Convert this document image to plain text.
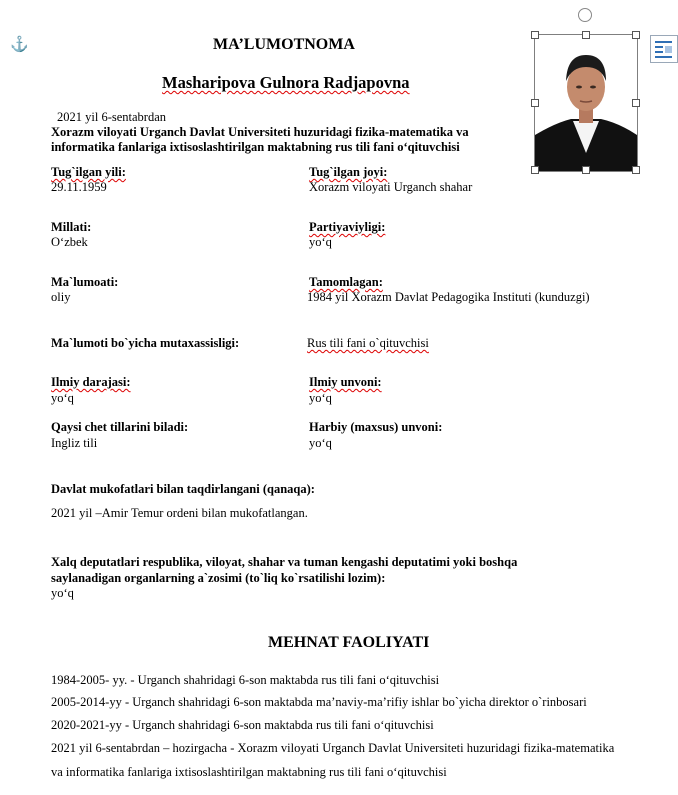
⚓	MA’LUMOTNOMA
Masharipova Gulnora Radjapovna
2021 yil 6-sentabrdan
Xorazm viloyati Urganch Davlat Universiteti huzuridagi fizika-matematika va
informatika fanlariga ixtisoslashtirilgan maktabning rus tili fani o‘qituvchisi
Tug`ilgan yili:
29.11.1959
Tug`ilgan joyi:
Xorazm viloyati Urganch shahar
Millati:
O‘zbek
Partiyaviyligi:
yo‘q
Ma`lumoati:
oliy
Tamomlagan:
1984 yil Xorazm Davlat Pedagogika Instituti (kunduzgi)
Ma`lumoti bo`yicha mutaxassisligi:	Rus tili fani o`qituvchisi
Ilmiy darajasi:
yo‘q
Ilmiy unvoni:
yo‘q
Qaysi chet tillarini biladi:
Ingliz tili
Harbiy (maxsus) unvoni:
yo‘q
Davlat mukofatlari bilan taqdirlangani (qanaqa):
2021 yil –Amir Temur ordeni bilan mukofatlangan.
Xalq deputatlari respublika, viloyat, shahar va tuman kengashi deputatimi yoki boshqa
saylanadigan organlarning a`zosimi (to`liq ko`rsatilishi lozim):
yo‘q
MEHNAT FAOLIYATI
1984-2005- yy. - Urganch shahridagi 6-son maktabda rus tili fani o‘qituvchisi
2005-2014-yy - Urganch shahridagi 6-son maktabda ma’naviy-ma’rifiy ishlar bo`yicha direktor o`rinbosari
2020-2021-yy - Urganch shahridagi 6-son maktabda rus tili fani o‘qituvchisi
2021 yil 6-sentabrdan – hozirgacha - Xorazm viloyati Urganch Davlat Universiteti huzuridagi fizika-matematika
va informatika fanlariga ixtisoslashtirilgan maktabning rus tili fani o‘qituvchisi
